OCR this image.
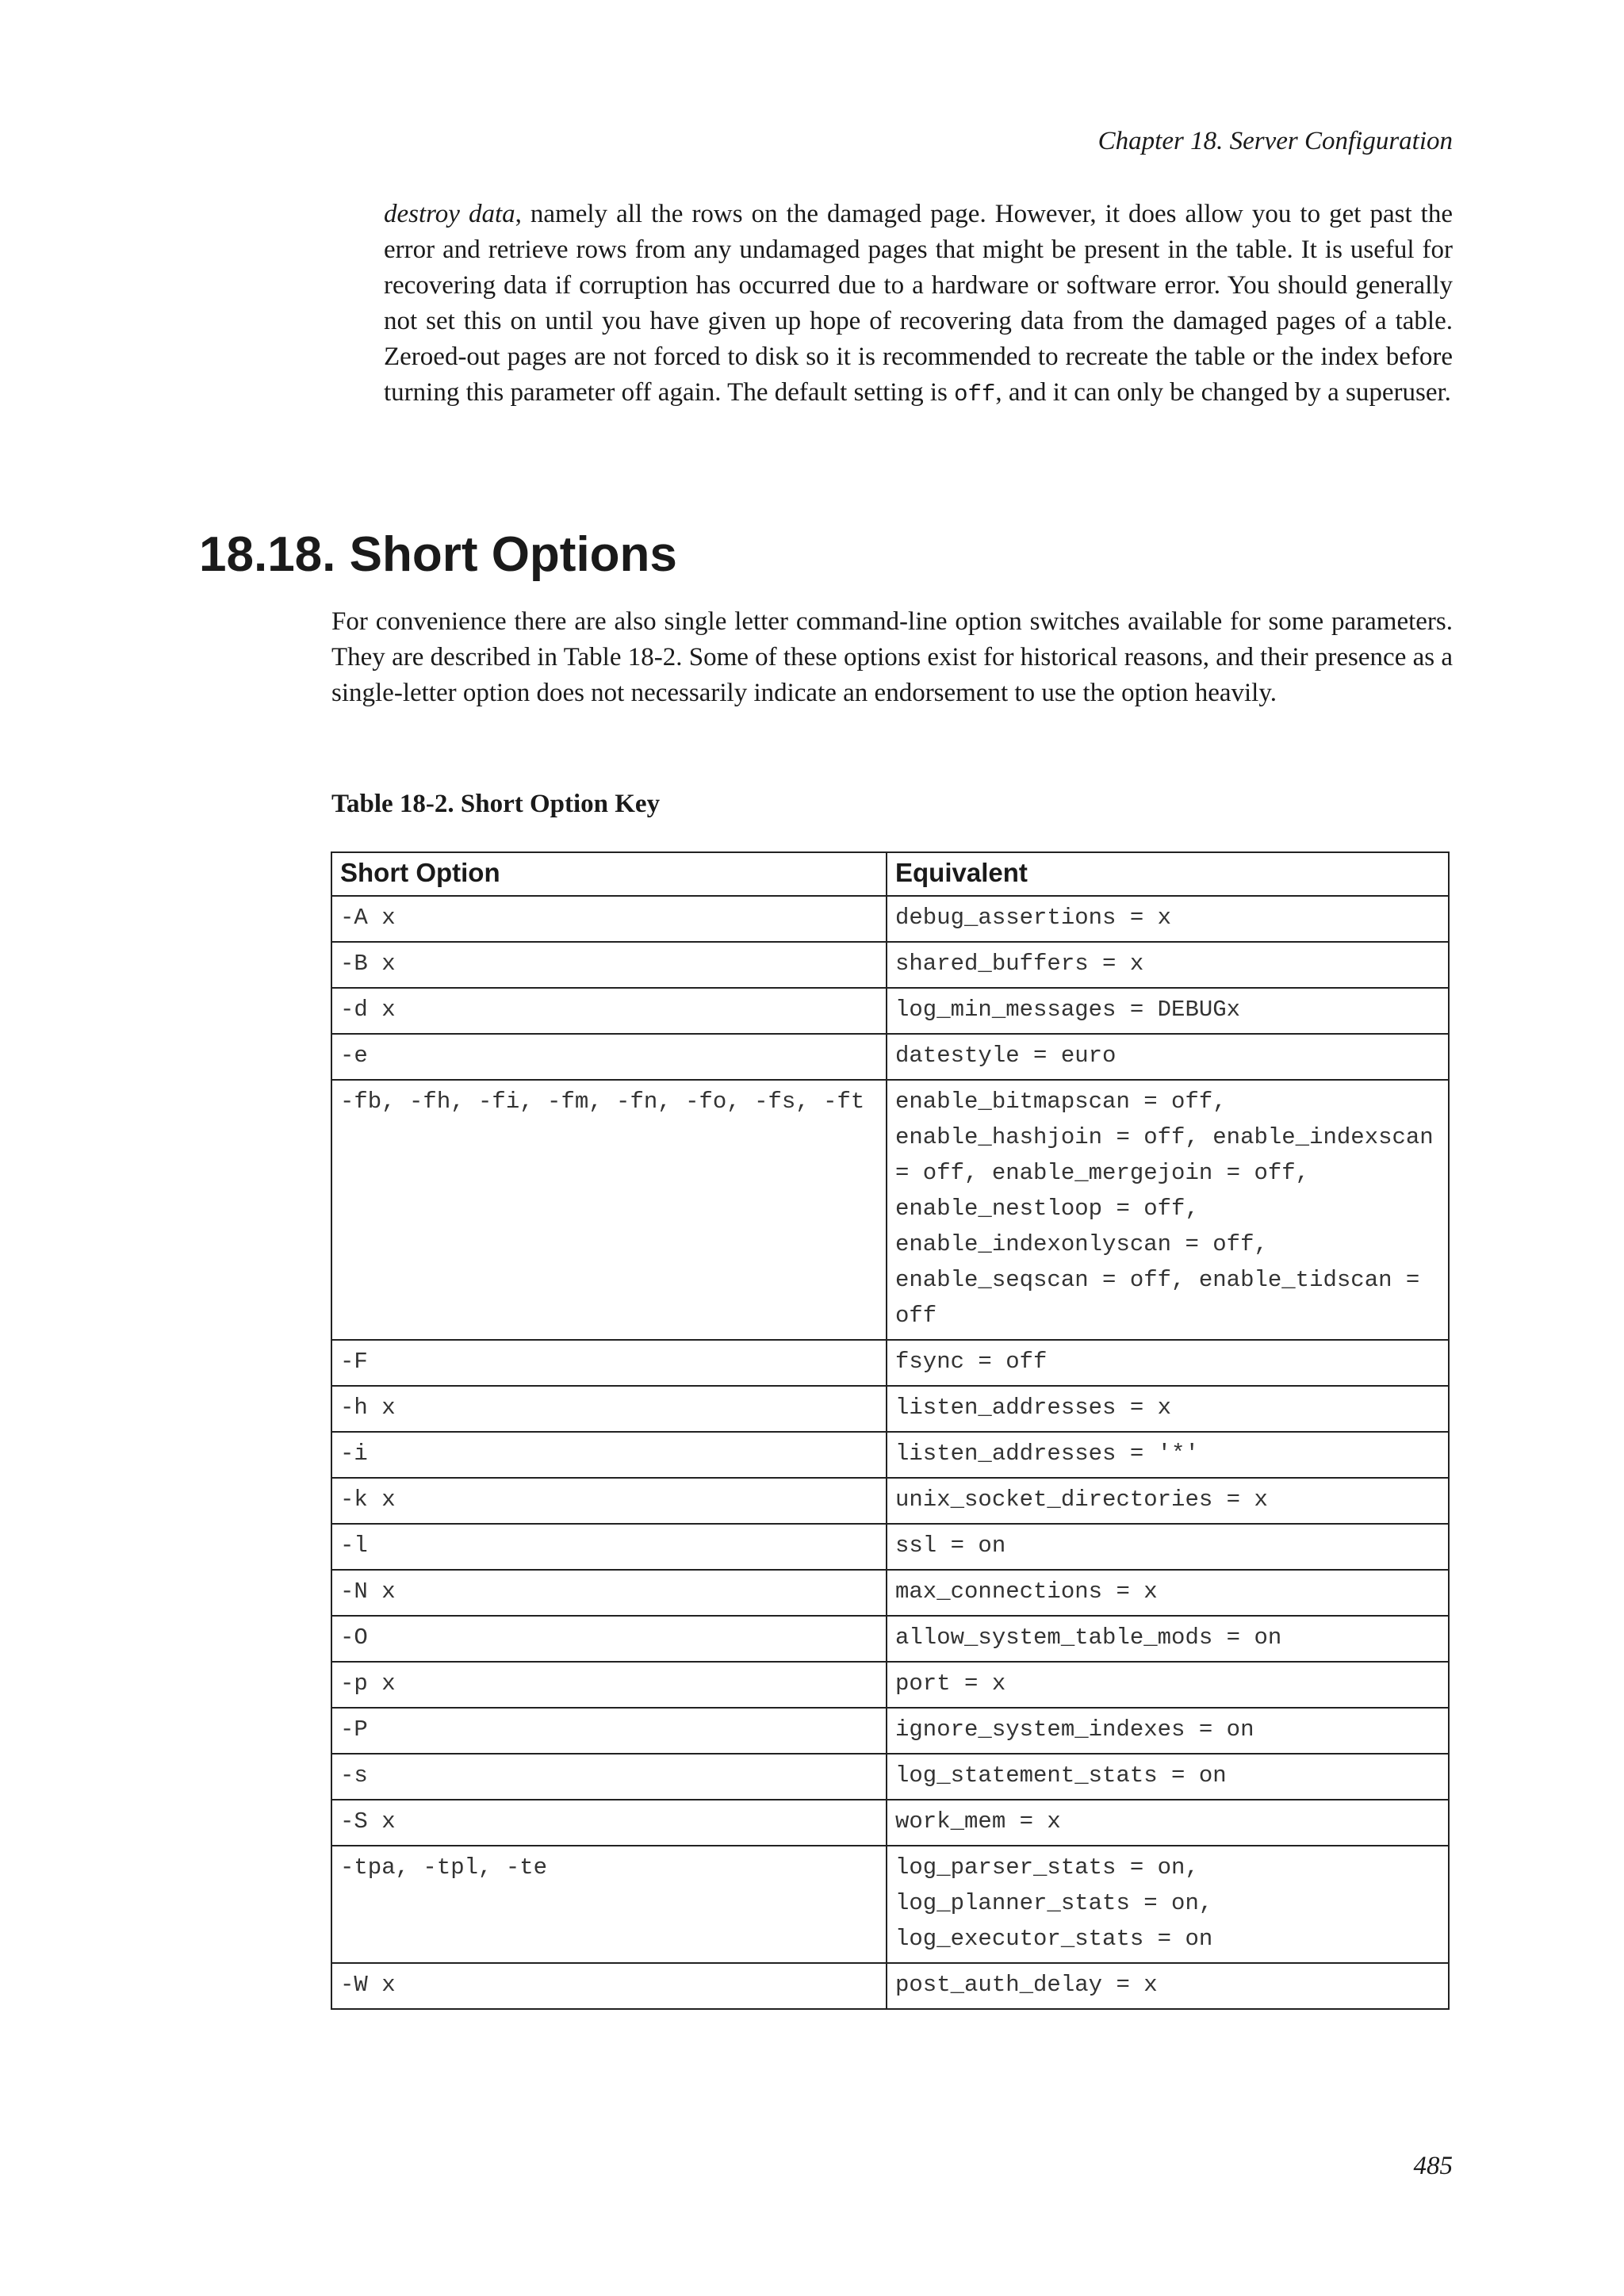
Chapter 18. Server Configuration

destroy data, namely all the rows on the damaged page. However, it does allow you to get past the error and retrieve rows from any undamaged pages that might be present in the table. It is useful for recovering data if corruption has occurred due to a hardware or software error. You should generally not set this on until you have given up hope of recovering data from the damaged pages of a table. Zeroed-out pages are not forced to disk so it is recommended to recreate the table or the index before turning this parameter off again. The default setting is off, and it can only be changed by a superuser.

18.18. Short Options

For convenience there are also single letter command-line option switches available for some parameters. They are described in Table 18-2. Some of these options exist for historical reasons, and their presence as a single-letter option does not necessarily indicate an endorsement to use the option heavily.

Table 18-2. Short Option Key
Short Option	Equivalent
-A x	debug_assertions = x
-B x	shared_buffers = x
-d x	log_min_messages = DEBUGx
-e	datestyle = euro
-fb, -fh, -fi, -fm, -fn, -fo, -fs, -ft	enable_bitmapscan = off, enable_hashjoin = off, enable_indexscan = off, enable_mergejoin = off, enable_nestloop = off, enable_indexonlyscan = off, enable_seqscan = off, enable_tidscan = off
-F	fsync = off
-h x	listen_addresses = x
-i	listen_addresses = '*'
-k x	unix_socket_directories = x
-l	ssl = on
-N x	max_connections = x
-O	allow_system_table_mods = on
-p x	port = x
-P	ignore_system_indexes = on
-s	log_statement_stats = on
-S x	work_mem = x
-tpa, -tpl, -te	log_parser_stats = on, log_planner_stats = on, log_executor_stats = on
-W x	post_auth_delay = x
485
